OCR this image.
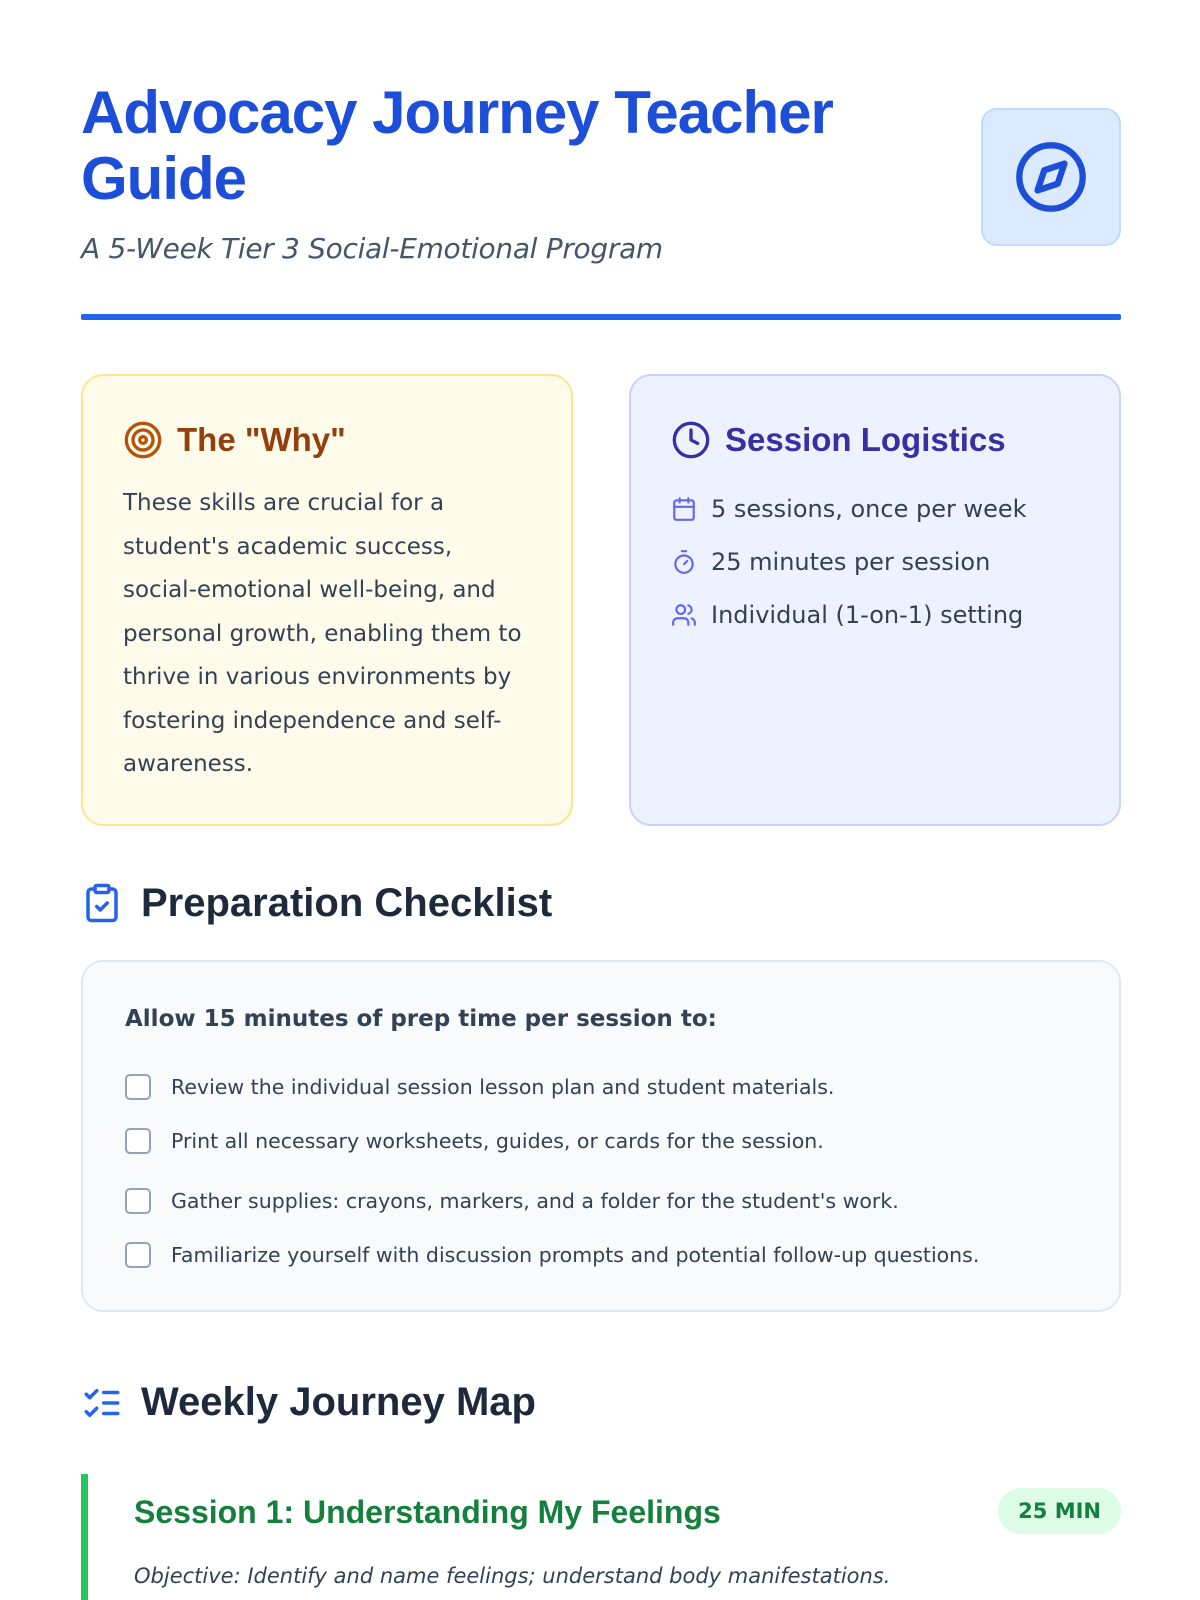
Advocacy Journey Teacher Guide
A 5-Week Tier 3 Social-Emotional Program
The "Why"

These skills are crucial for a student's academic success, social-emotional well-being, and personal growth, enabling them to thrive in various environments by fostering independence and self-awareness.

Session Logistics
5 sessions, once per week
25 minutes per session
Individual (1-on-1) setting
Preparation Checklist
Allow 15 minutes of prep time per session to:
Review the individual session lesson plan and student materials.
Print all necessary worksheets, guides, or cards for the session.
Gather supplies: crayons, markers, and a folder for the student's work.
Familiarize yourself with discussion prompts and potential follow-up questions.
Weekly Journey Map
Session 1: Understanding My Feelings	25 MIN
Objective: Identify and name feelings; understand body manifestations.
